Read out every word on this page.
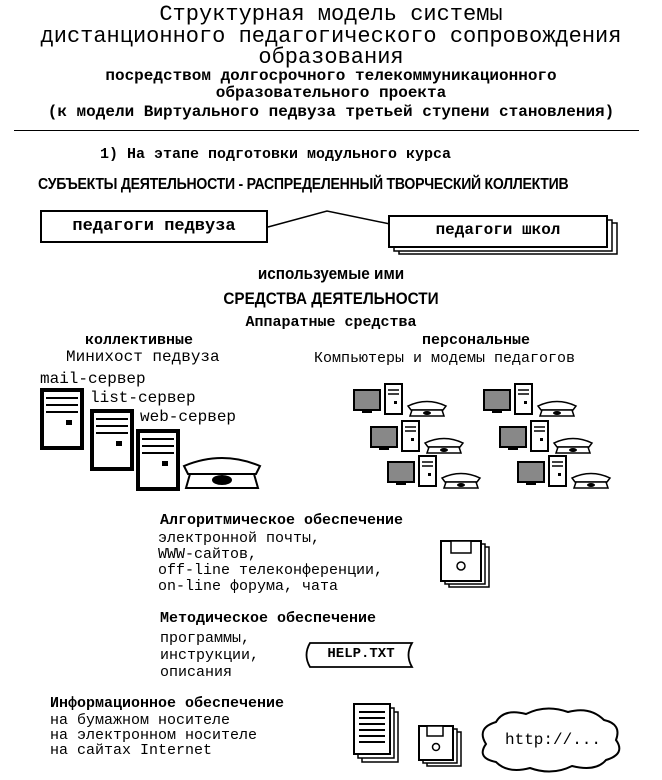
Структурная модель системы
дистанционного педагогического сопровождения
образования
посредством долгосрочного телекоммуникационного
образовательного проекта
(к модели Виртуального педвуза третьей ступени становления)
1) На этапе подготовки модульного курса
СУБЪЕКТЫ ДЕЯТЕЛЬНОСТИ - РАСПРЕДЕЛЕННЫЙ ТВОРЧЕСКИЙ КОЛЛЕКТИВ
педагоги педвуза	педагоги школ
используемые ими
СРЕДСТВА ДЕЯТЕЛЬНОСТИ
Аппаратные средства
коллективные
Минихост педвуза
mail-сервер
list-сервер
web-сервер
персональные
Компьютеры и модемы педагогов
Алгоритмическое обеспечение
электронной почты,
WWW-сайтов,
off-line телеконференции,
on-line форума, чата
Методическое обеспечение
программы,
инструкции,
описания
HELP.TXT
Информационное обеспечение
на бумажном носителе
на электронном носителе
на сайтах Internet
http://...
